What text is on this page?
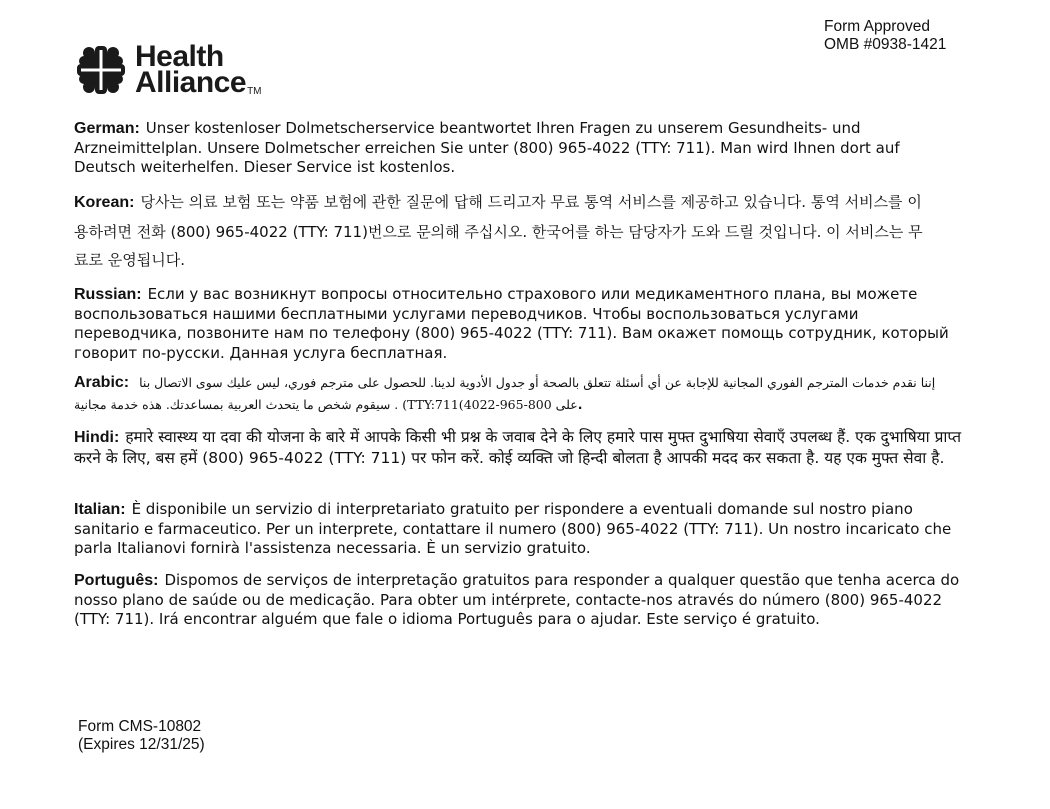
Form Approved
OMB #0938-1421
Health
Alliance™
German: Unser kostenloser Dolmetscherservice beantwortet Ihren Fragen zu unserem Gesundheits- und Arzneimittelplan. Unsere Dolmetscher erreichen Sie unter (800) 965-4022 (TTY: 711). Man wird Ihnen dort auf Deutsch weiterhelfen. Dieser Service ist kostenlos.
Korean: 당사는 의료 보험 또는 약품 보험에 관한 질문에 답해 드리고자 무료 통역 서비스를 제공하고 있습니다. 통역 서비스를 이용하려면 전화 (800) 965-4022 (TTY: 711)번으로 문의해 주십시오. 한국어를 하는 담당자가 도와 드릴 것입니다. 이 서비스는 무료로 운영됩니다.
Russian: Если у вас возникнут вопросы относительно страхового или медикаментного плана, вы можете воспользоваться нашими бесплатными услугами переводчиков. Чтобы воспользоваться услугами переводчика, позвоните нам по телефону (800) 965-4022 (TTY: 711). Вам окажет помощь сотрудник, который говорит по-pусски. Данная услуга бесплатная.
Arabic: إننا نقدم خدمات المترجم الفوري المجانية للإجابة عن أي أسئلة تتعلق بالصحة أو جدول الأدوية لدينا. للحصول على مترجم فوري، ليس عليك سوى الاتصال بنا
على 800-965-4022)TTY:711) . سيقوم شخص ما يتحدث العربية بمساعدتك. هذه خدمة مجانية.
Hindi: हमारे स्वास्थ्य या दवा की योजना के बारे में आपके किसी भी प्रश्न के जवाब देने के लिए हमारे पास मुफ्त दुभाषिया सेवाएँ उपलब्ध हैं. एक दुभाषिया प्राप्त करने के लिए, बस हमें (800) 965-4022 (TTY: 711) पर फोन करें. कोई व्यक्ति जो हिन्दी बोलता है आपकी मदद कर सकता है. यह एक मुफ्त सेवा है.
Italian: È disponibile un servizio di interpretariato gratuito per rispondere a eventuali domande sul nostro piano sanitario e farmaceutico. Per un interprete, contattare il numero (800) 965-4022 (TTY: 711). Un nostro incaricato che parla Italianovi fornirà l'assistenza necessaria. È un servizio gratuito.
Português: Dispomos de serviços de interpretação gratuitos para responder a qualquer questão que tenha acerca do nosso plano de saúde ou de medicação. Para obter um intérprete, contacte-nos através do número (800) 965-4022 (TTY: 711). Irá encontrar alguém que fale o idioma Português para o ajudar. Este serviço é gratuito.
Form CMS-10802
(Expires 12/31/25)
